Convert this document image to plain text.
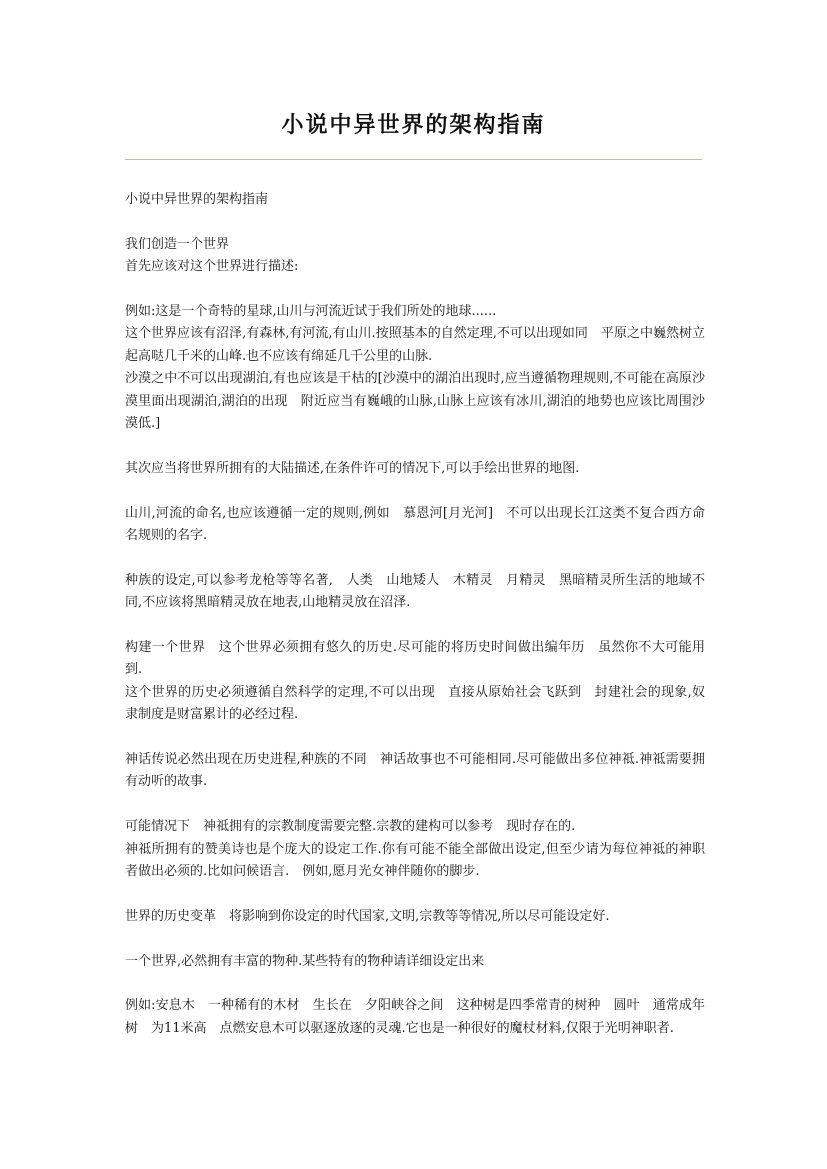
小说中异世界的架构指南

小说中异世界的架构指南

我们创造一个世界
首先应该对这个世界进行描述:

例如:这是一个奇特的星球,山川与河流近试于我们所处的地球......
这个世界应该有沼泽,有森林,有河流,有山川.按照基本的自然定理,不可以出现如同　平原之中巍然树立起高哒几千米的山峰.也不应该有绵延几千公里的山脉.
沙漠之中不可以出现湖泊,有也应该是干枯的[沙漠中的湖泊出现时,应当遵循物理规则,不可能在高原沙漠里面出现湖泊,湖泊的出现　附近应当有巍峨的山脉,山脉上应该有冰川,湖泊的地势也应该比周围沙漠低.]

其次应当将世界所拥有的大陆描述,在条件许可的情况下,可以手绘出世界的地图.

山川,河流的命名,也应该遵循一定的规则,例如　慕恩河[月光河]　不可以出现长江这类不复合西方命名规则的名字.

种族的设定,可以参考龙枪等等名著,　人类　山地矮人　木精灵　月精灵　黑暗精灵所生活的地域不同,不应该将黑暗精灵放在地表,山地精灵放在沼泽.

构建一个世界　这个世界必须拥有悠久的历史.尽可能的将历史时间做出编年历　虽然你不大可能用到.
这个世界的历史必须遵循自然科学的定理,不可以出现　直接从原始社会飞跃到　封建社会的现象,奴隶制度是财富累计的必经过程.

神话传说必然出现在历史进程,种族的不同　神话故事也不可能相同.尽可能做出多位神祗.神祗需要拥有动听的故事.

可能情况下　神祗拥有的宗教制度需要完整.宗教的建构可以参考　现时存在的.
神祗所拥有的赞美诗也是个庞大的设定工作.你有可能不能全部做出设定,但至少请为每位神祗的神职者做出必须的.比如问候语言.　例如,愿月光女神伴随你的脚步.

世界的历史变革　将影响到你设定的时代国家,文明,宗教等等情况,所以尽可能设定好.

一个世界,必然拥有丰富的物种.某些特有的物种请详细设定出来

例如:安息木　一种稀有的木材　生长在　夕阳峡谷之间　这种树是四季常青的树种　圆叶　通常成年树　为11米高　点燃安息木可以驱逐放逐的灵魂.它也是一种很好的魔杖材料,仅限于光明神职者.
